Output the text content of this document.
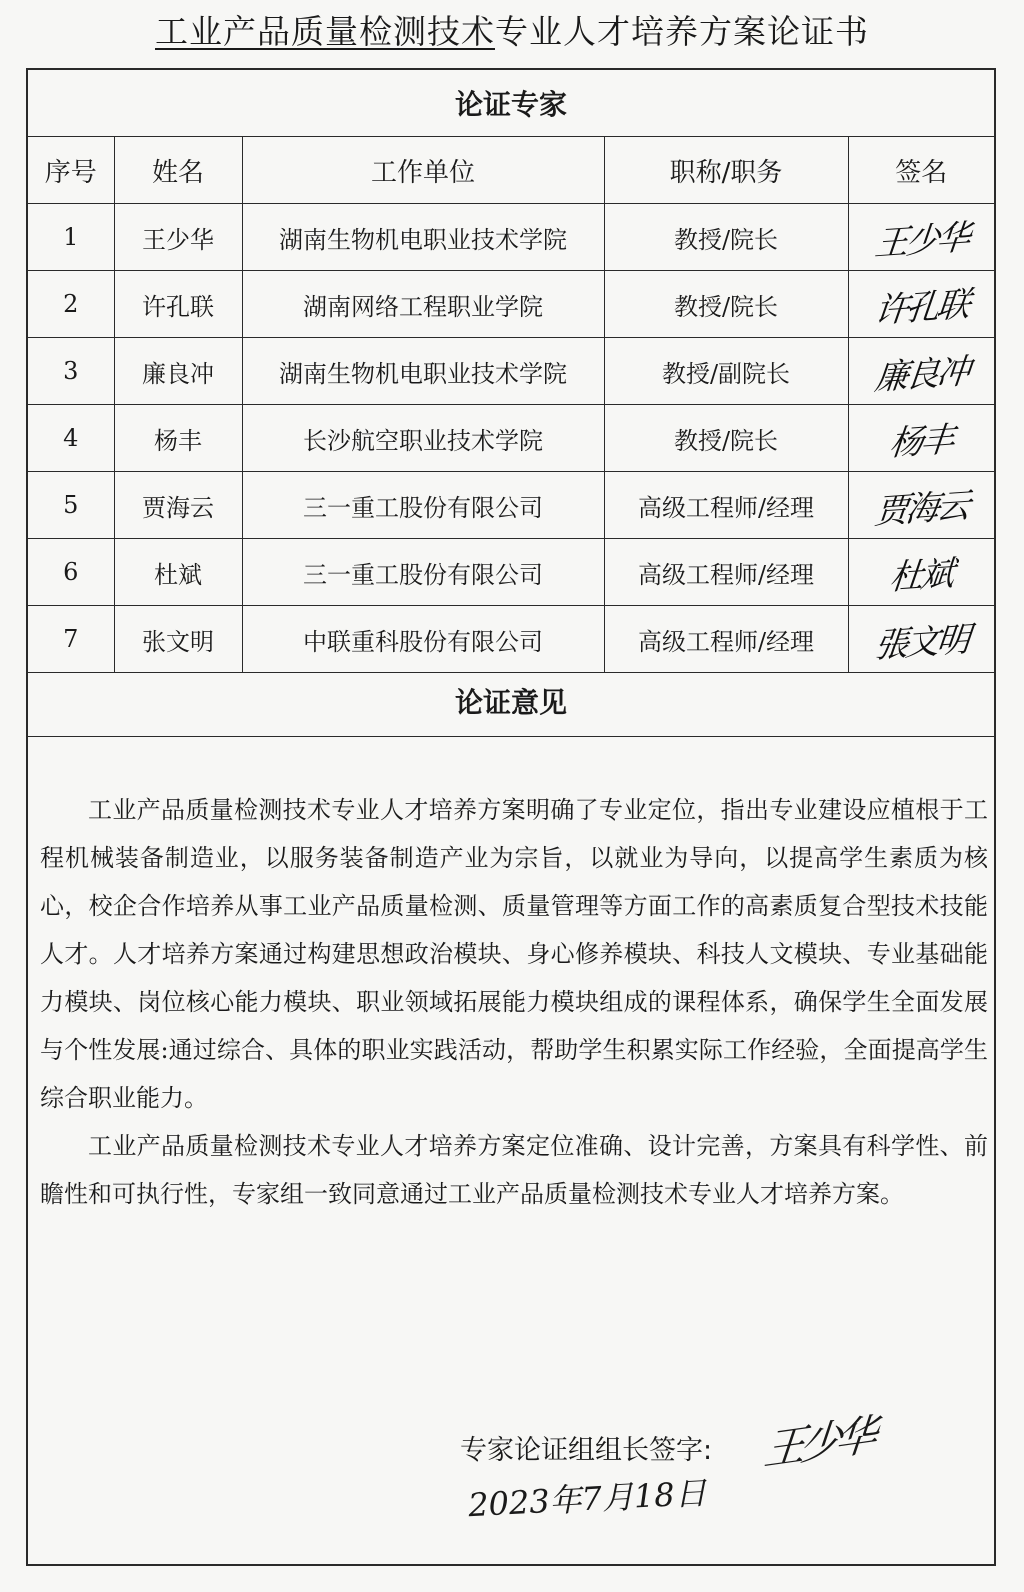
工业产品质量检测技术专业人才培养方案论证书
论证专家				
序号	姓名	工作单位	职称/职务	签名
1	王少华	湖南生物机电职业技术学院	教授/院长	王少华
2	许孔联	湖南网络工程职业学院	教授/院长	许孔联
3	廉良冲	湖南生物机电职业技术学院	教授/副院长	廉良冲
4	杨丰	长沙航空职业技术学院	教授/院长	杨丰
5	贾海云	三一重工股份有限公司	高级工程师/经理	贾海云
6	杜斌	三一重工股份有限公司	高级工程师/经理	杜斌
7	张文明	中联重科股份有限公司	高级工程师/经理	張文明
论证意见

工业产品质量检测技术专业人才培养方案明确了专业定位，指出专业建设应植根于工程机械装备制造业，以服务装备制造产业为宗旨，以就业为导向，以提高学生素质为核心，校企合作培养从事工业产品质量检测、质量管理等方面工作的高素质复合型技术技能人才。人才培养方案通过构建思想政治模块、身心修养模块、科技人文模块、专业基础能力模块、岗位核心能力模块、职业领域拓展能力模块组成的课程体系，确保学生全面发展与个性发展:通过综合、具体的职业实践活动，帮助学生积累实际工作经验，全面提高学生综合职业能力。

工业产品质量检测技术专业人才培养方案定位准确、设计完善，方案具有科学性、前瞻性和可执行性，专家组一致同意通过工业产品质量检测技术专业人才培养方案。

专家论证组组长签字: 王少华
2023年7月18日
